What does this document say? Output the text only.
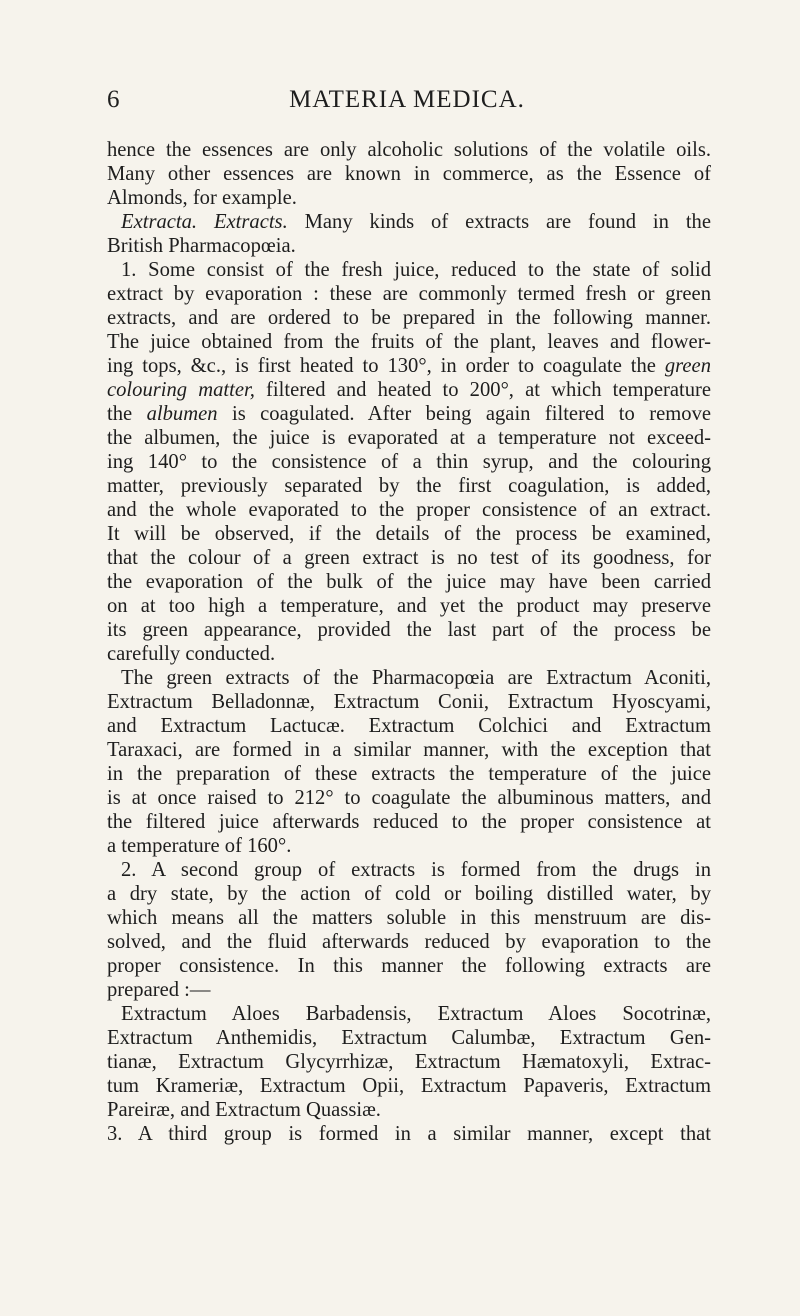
6	MATERIA MEDICA.
hence the essences are only alcoholic solutions of the volatile oils.
Many other essences are known in commerce, as the Essence of
Almonds, for example.
Extracta. Extracts. Many kinds of extracts are found in the
British Pharmacopœia.
1. Some consist of the fresh juice, reduced to the state of solid
extract by evaporation : these are commonly termed fresh or green
extracts, and are ordered to be prepared in the following manner.
The juice obtained from the fruits of the plant, leaves and flower-
ing tops, &c., is first heated to 130°, in order to coagulate the green
colouring matter, filtered and heated to 200°, at which temperature
the albumen is coagulated. After being again filtered to remove
the albumen, the juice is evaporated at a temperature not exceed-
ing 140° to the consistence of a thin syrup, and the colouring
matter, previously separated by the first coagulation, is added,
and the whole evaporated to the proper consistence of an extract.
It will be observed, if the details of the process be examined,
that the colour of a green extract is no test of its goodness, for
the evaporation of the bulk of the juice may have been carried
on at too high a temperature, and yet the product may preserve
its green appearance, provided the last part of the process be
carefully conducted.
The green extracts of the Pharmacopœia are Extractum Aconiti,
Extractum Belladonnæ, Extractum Conii, Extractum Hyoscyami,
and Extractum Lactucæ. Extractum Colchici and Extractum
Taraxaci, are formed in a similar manner, with the exception that
in the preparation of these extracts the temperature of the juice
is at once raised to 212° to coagulate the albuminous matters, and
the filtered juice afterwards reduced to the proper consistence at
a temperature of 160°.
2. A second group of extracts is formed from the drugs in
a dry state, by the action of cold or boiling distilled water, by
which means all the matters soluble in this menstruum are dis-
solved, and the fluid afterwards reduced by evaporation to the
proper consistence. In this manner the following extracts are
prepared :—
Extractum Aloes Barbadensis, Extractum Aloes Socotrinæ,
Extractum Anthemidis, Extractum Calumbæ, Extractum Gen-
tianæ, Extractum Glycyrrhizæ, Extractum Hæmatoxyli, Extrac-
tum Krameriæ, Extractum Opii, Extractum Papaveris, Extractum
Pareiræ, and Extractum Quassiæ.
3. A third group is formed in a similar manner, except that
